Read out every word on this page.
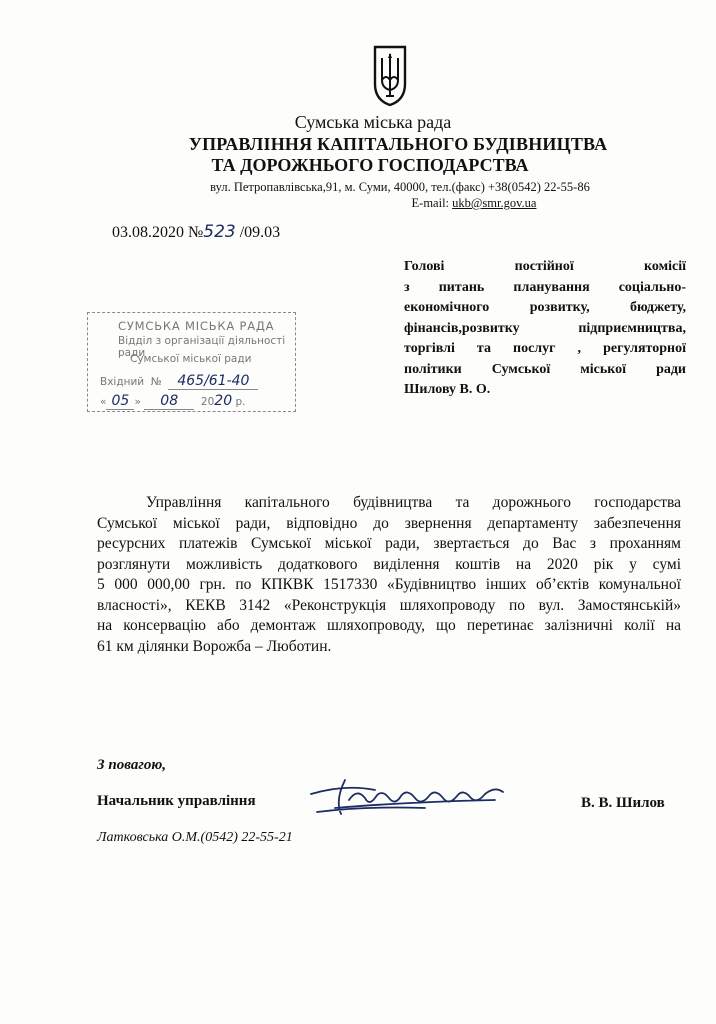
Сумська міська рада
УПРАВЛІННЯ КАПІТАЛЬНОГО БУДІВНИЦТВА
ТА ДОРОЖНЬОГО ГОСПОДАРСТВА
вул. Петропавлівська,91, м. Суми, 40000, тел.(факс) +38(0542) 22-55-86
E-mail: ukb@smr.gov.ua
03.08.2020 №523 /09.03
Голові постійної комісії
з питань планування соціально-
економічного розвитку, бюджету,
фінансів,розвитку підприємництва,
торгівлі та послуг , регуляторної
політики Сумської міської ради
Шилову В. О.
СУМСЬКА МІСЬКА РАДА
Відділ з організації діяльності ради
Сумської міської ради
Вхідний № 465/61-40
« 05 » 08 2020 р.
Управління капітального будівництва та дорожнього господарства
Сумської міської ради, відповідно до звернення департаменту забезпечення
ресурсних платежів Сумської міської ради, звертається до Вас з проханням
розглянути можливість додаткового виділення коштів на 2020 рік у сумі
5 000 000,00 грн. по КПКВК 1517330 «Будівництво інших об’єктів комунальної
власності», КЕКВ 3142 «Реконструкція шляхопроводу по вул. Замостянській»
на консервацію або демонтаж шляхопроводу, що перетинає залізничні колії на
61 км ділянки Ворожба – Люботин.
З повагою,
Начальник управління	В. В. Шилов
Латковська О.М.(0542) 22-55-21
